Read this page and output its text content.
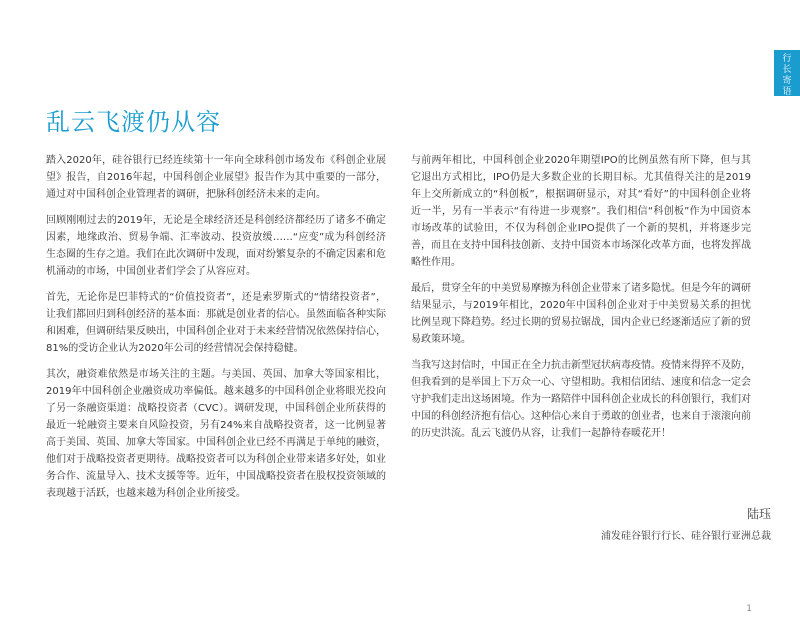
行
长
寄
语
乱云飞渡仍从容

踏入2020年，硅谷银行已经连续第十一年向全球科创市场发布《科创企业展望》报告，自2016年起，中国科创企业展望》报告作为其中重要的一部分，通过对中国科创企业管理者的调研，把脉科创经济未来的走向。

回顾刚刚过去的2019年，无论是全球经济还是科创经济都经历了诸多不确定因素，地缘政治、贸易争端、汇率波动、投资放缓……“应变”成为科创经济生态圈的生存之道。我们在此次调研中发现，面对纷繁复杂的不确定因素和危机涌动的市场，中国创业者们学会了从容应对。

首先，无论你是巴菲特式的“价值投资者”，还是索罗斯式的“情绪投资者”，让我们都回归到科创经济的基本面：那就是创业者的信心。虽然面临各种实际和困难，但调研结果反映出，中国科创企业对于未来经营情况依然保持信心，81%的受访企业认为2020年公司的经营情况会保持稳健。

其次，融资难依然是市场关注的主题。与美国、英国、加拿大等国家相比，2019年中国科创企业融资成功率偏低。越来越多的中国科创企业将眼光投向了另一条融资渠道：战略投资者（CVC）。调研发现，中国科创企业所获得的最近一轮融资主要来自风险投资，另有24%来自战略投资者，这一比例显著高于美国、英国、加拿大等国家。中国科创企业已经不再满足于单纯的融资，他们对于战略投资者更期待。战略投资者可以为科创企业带来诸多好处，如业务合作、流量导入、技术支援等等。近年，中国战略投资者在股权投资领域的表现越于活跃，也越来越为科创企业所接受。

与前两年相比，中国科创企业2020年期望IPO的比例虽然有所下降，但与其它退出方式相比，IPO仍是大多数企业的长期目标。尤其值得关注的是2019年上交所新成立的“科创板”，根据调研显示，对其“看好”的中国科创企业将近一半，另有一半表示“有待进一步观察”。我们相信“科创板”作为中国资本市场改革的试验田，不仅为科创企业IPO提供了一个新的契机，并将逐步完善，而且在支持中国科技创新、支持中国资本市场深化改革方面，也将发挥战略性作用。

最后，贯穿全年的中美贸易摩擦为科创企业带来了诸多隐忧。但是今年的调研结果显示，与2019年相比，2020年中国科创企业对于中美贸易关系的担忧比例呈现下降趋势。经过长期的贸易拉锯战，国内企业已经逐渐适应了新的贸易政策环境。

当我写这封信时，中国正在全力抗击新型冠状病毒疫情。疫情来得猝不及防，但我看到的是举国上下万众一心、守望相助。我相信团结、速度和信念一定会守护我们走出这场困境。作为一路陪伴中国科创企业成长的科创银行，我们对中国的科创经济抱有信心。这种信心来自于勇敢的创业者，也来自于滚滚向前的历史洪流。乱云飞渡仍从容，让我们一起静待春暖花开！

陆珏
浦发硅谷银行行长、硅谷银行亚洲总裁
1
